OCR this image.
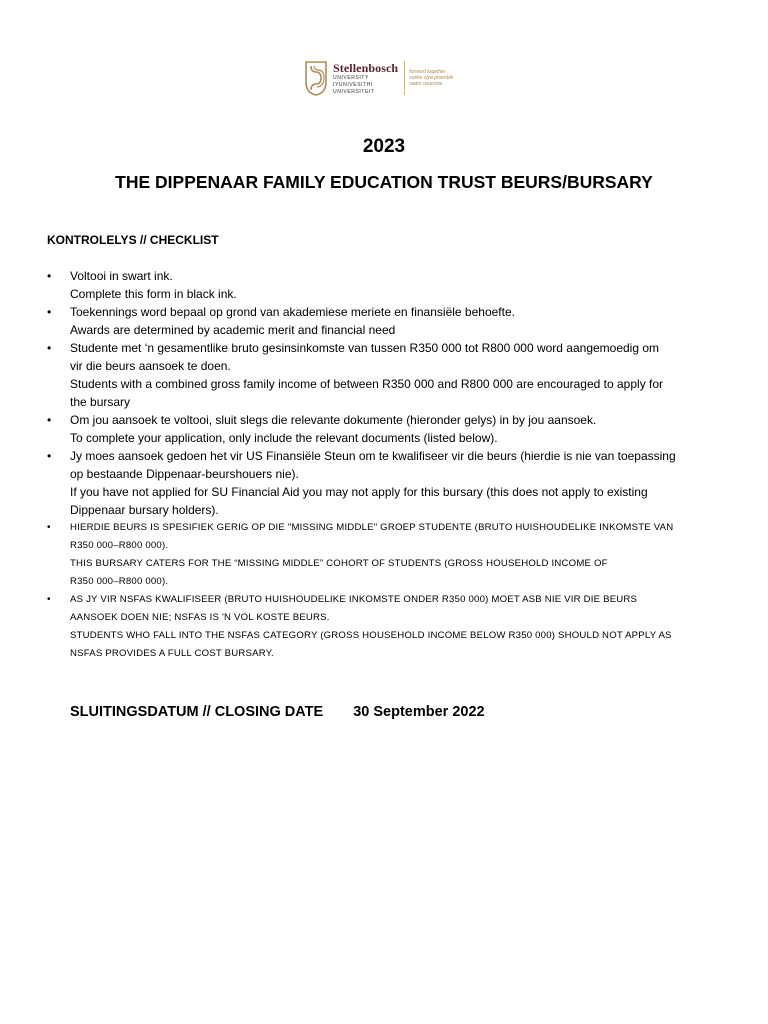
Stellenbosch
UNIVERSITY
IYUNIVESITHI
UNIVERSITEIT
forward together
sonke siya phambili
saam vorentoe
2023
THE DIPPENAAR FAMILY EDUCATION TRUST BEURS/BURSARY
KONTROLELYS // CHECKLIST
• Voltooi in swart ink.

Complete this form in black ink.

• Toekennings word bepaal op grond van akademiese meriete en finansiële behoefte.

Awards are determined by academic merit and financial need

• Studente met ‘n gesamentlike bruto gesinsinkomste van tussen R350 000 tot R800 000 word aangemoedig om

vir die beurs aansoek te doen.

Students with a combined gross family income of between R350 000 and R800 000 are encouraged to apply for

the bursary

• Om jou aansoek te voltooi, sluit slegs die relevante dokumente (hieronder gelys) in by jou aansoek.

To complete your application, only include the relevant documents (listed below).

• Jy moes aansoek gedoen het vir US Finansiële Steun om te kwalifiseer vir die beurs (hierdie is nie van toepassing

op bestaande Dippenaar-beurshouers nie).

If you have not applied for SU Financial Aid you may not apply for this bursary (this does not apply to existing

Dippenaar bursary holders).

• HIERDIE BEURS IS SPESIFIEK GERIG OP DIE "MISSING MIDDLE" GROEP STUDENTE (BRUTO HUISHOUDELIKE INKOMSTE VAN

R350 000–R800 000).

THIS BURSARY CATERS FOR THE “MISSING MIDDLE” COHORT OF STUDENTS (GROSS HOUSEHOLD INCOME OF

R350 000–R800 000).

• AS JY VIR NSFAS KWALIFISEER (BRUTO HUISHOUDELIKE INKOMSTE ONDER R350 000) MOET ASB NIE VIR DIE BEURS

AANSOEK DOEN NIE; NSFAS IS 'N VOL KOSTE BEURS.

STUDENTS WHO FALL INTO THE NSFAS CATEGORY (GROSS HOUSEHOLD INCOME BELOW R350 000) SHOULD NOT APPLY AS

NSFAS PROVIDES A FULL COST BURSARY.

SLUITINGSDATUM // CLOSING DATE 30 September 2022
